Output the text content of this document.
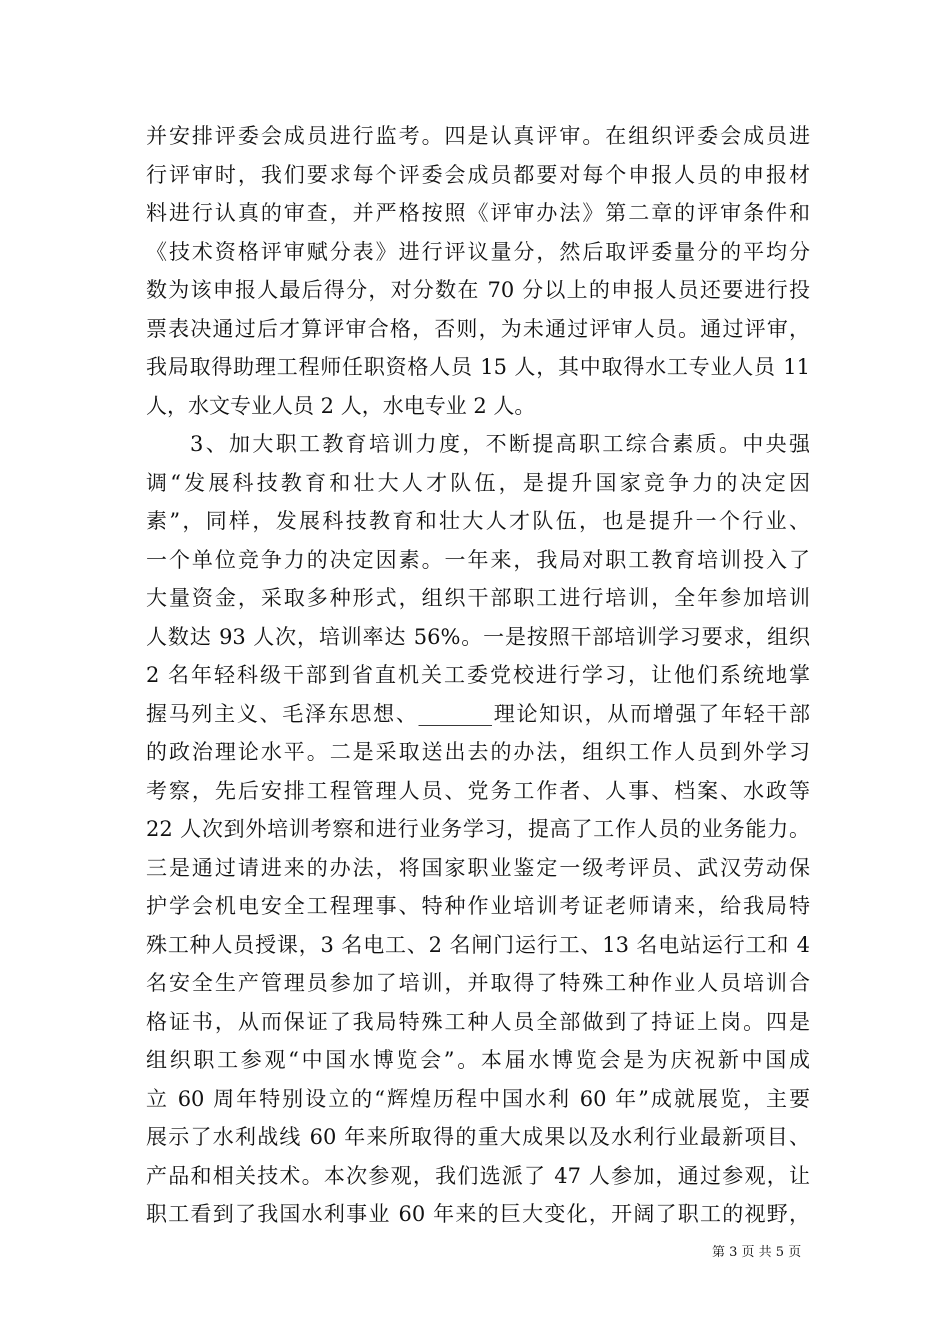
并安排评委会成员进行监考。四是认真评审。在组织评委会成员进
行评审时，我们要求每个评委会成员都要对每个申报人员的申报材
料进行认真的审查，并严格按照《评审办法》第二章的评审条件和
《技术资格评审赋分表》进行评议量分，然后取评委量分的平均分
数为该申报人最后得分，对分数在 70 分以上的申报人员还要进行投
票表决通过后才算评审合格，否则，为未通过评审人员。通过评审，
我局取得助理工程师任职资格人员 15 人，其中取得水工专业人员 11
人，水文专业人员 2 人，水电专业 2 人。
3、加大职工教育培训力度，不断提高职工综合素质。中央强
调“发展科技教育和壮大人才队伍，是提升国家竞争力的决定因
素”，同样，发展科技教育和壮大人才队伍，也是提升一个行业、
一个单位竞争力的决定因素。一年来，我局对职工教育培训投入了
大量资金，采取多种形式，组织干部职工进行培训，全年参加培训
人数达 93 人次，培训率达 56%。一是按照干部培训学习要求，组织
2 名年轻科级干部到省直机关工委党校进行学习，让他们系统地掌
握马列主义、毛泽东思想、_______理论知识，从而增强了年轻干部
的政治理论水平。二是采取送出去的办法，组织工作人员到外学习
考察，先后安排工程管理人员、党务工作者、人事、档案、水政等
22 人次到外培训考察和进行业务学习，提高了工作人员的业务能力。
三是通过请进来的办法，将国家职业鉴定一级考评员、武汉劳动保
护学会机电安全工程理事、特种作业培训考证老师请来，给我局特
殊工种人员授课，3 名电工、2 名闸门运行工、13 名电站运行工和 4
名安全生产管理员参加了培训，并取得了特殊工种作业人员培训合
格证书，从而保证了我局特殊工种人员全部做到了持证上岗。四是
组织职工参观“中国水博览会”。本届水博览会是为庆祝新中国成
立 60 周年特别设立的“辉煌历程中国水利 60 年”成就展览，主要
展示了水利战线 60 年来所取得的重大成果以及水利行业最新项目、
产品和相关技术。本次参观，我们选派了 47 人参加，通过参观，让
职工看到了我国水利事业 60 年来的巨大变化，开阔了职工的视野，
第 3 页 共 5 页
